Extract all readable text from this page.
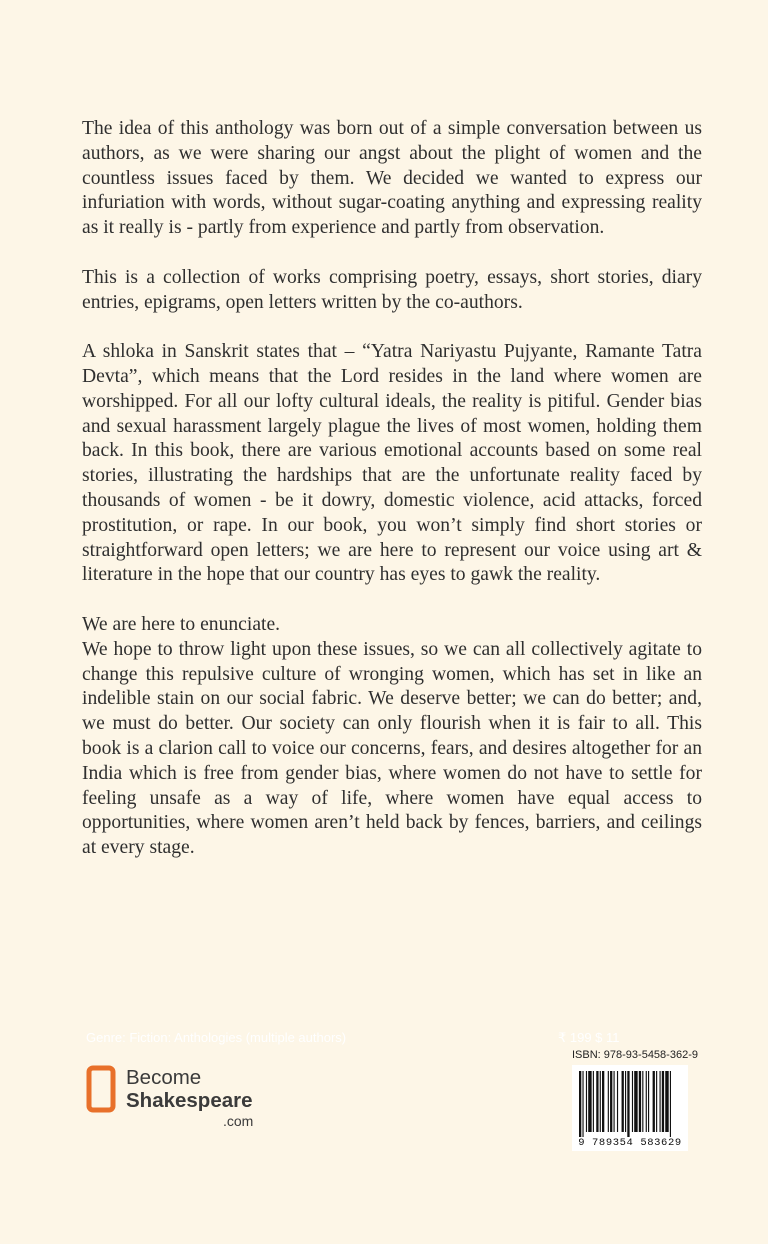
The idea of this anthology was born out of a simple conversation between us authors, as we were sharing our angst about the plight of women and the countless issues faced by them. We decided we wanted to express our infuriation with words, without sugar-coating anything and expressing reality as it really is - partly from experience and partly from observation.

This is a collection of works comprising poetry, essays, short stories, diary entries, epigrams, open letters written by the co-authors.

A shloka in Sanskrit states that – “Yatra Nariyastu Pujyante, Ramante Tatra Devta”, which means that the Lord resides in the land where women are worshipped. For all our lofty cultural ideals, the reality is pitiful. Gender bias and sexual harassment largely plague the lives of most women, holding them back. In this book, there are various emotional accounts based on some real stories, illustrating the hardships that are the unfortunate reality faced by thousands of women - be it dowry, domestic violence, acid attacks, forced prostitution, or rape. In our book, you won’t simply find short stories or straightforward open letters; we are here to represent our voice using art & literature in the hope that our country has eyes to gawk the reality.

We are here to enunciate.

We hope to throw light upon these issues, so we can all collectively agitate to change this repulsive culture of wronging women, which has set in like an indelible stain on our social fabric. We deserve better; we can do better; and, we must do better. Our society can only flourish when it is fair to all. This book is a clarion call to voice our concerns, fears, and desires altogether for an India which is free from gender bias, where women do not have to settle for feeling unsafe as a way of life, where women have equal access to opportunities, where women aren’t held back by fences, barriers, and ceilings at every stage.

Genre: Fiction: Anthologies (multiple authors)	₹ 199 $ 11
Become
Shakespeare
.com
ISBN: 978-93-5458-362-9
9 789354 583629
